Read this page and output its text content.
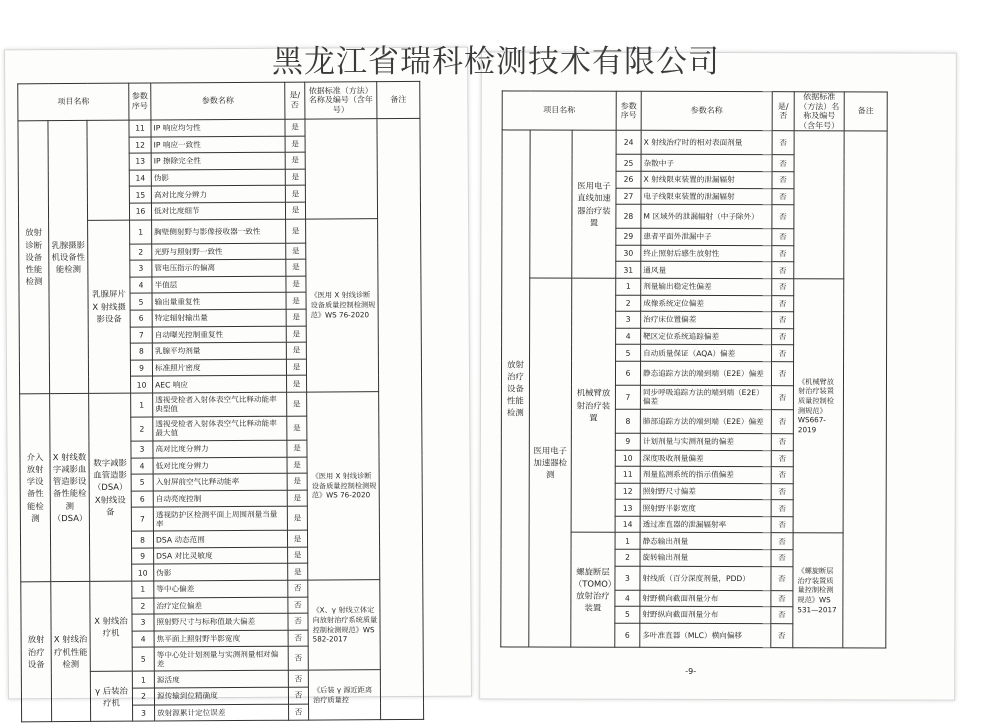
黑龙江省瑞科检测技术有限公司
项目名称			参数序号	参数名称	是/否	依据标准（方法）名称及编号（含年号）	备注
放射诊断设备性能检测	乳腺摄影机设备性能检测		11	IP 响应均匀性	是		
			12	IP 响应一致性	是		
			13	IP 擦除完全性	是		
			14	伪影	是		
			15	高对比度分辨力	是		
			16	低对比度细节	是		
		乳腺屏片 X 射线摄影设备	1	胸壁侧射野与影像接收器一致性	是	《医用 X 射线诊断设备质量控制检测规范》WS 76-2020	
			2	光野与照射野一致性	是		
			3	管电压指示的偏离	是		
			4	半值层	是		
			5	输出量重复性	是		
			6	特定辐射输出量	是		
			7	自动曝光控制重复性	是		
			8	乳腺平均剂量	是		
			9	标准照片密度	是		
			10	AEC 响应	是		
介入放射学设备性能检测	X 射线数字减影血管造影设备性能检测（DSA）	数字减影血管造影（DSA）X射线设备	1	透视受检者入射体表空气比释动能率典型值	是	《医用 X 射线诊断设备质量控制检测规范》WS 76-2020	
			2	透视受检者入射体表空气比释动能率最大值	是		
			3	高对比度分辨力	是		
			4	低对比度分辨力	是		
			5	入射屏前空气比释动能率	是		
			6	自动亮度控制	是		
			7	透视防护区检测平面上周围剂量当量率	是		
			8	DSA 动态范围	是		
			9	DSA 对比灵敏度	是		
			10	伪影	是		
放射治疗设备	X 射线治疗机性能检测	X 射线治疗机	1	等中心偏差	否	《X、γ 射线立体定向放射治疗系统质量控制检测规范》WS 582-2017	
			2	治疗定位偏差	否		
			3	照射野尺寸与标称值最大偏差	否		
			4	焦平面上照射野半影宽度	否		
			5	等中心处计划剂量与实测剂量相对偏差	否		
		γ 后装治疗机	1	源活度	否	《后装 γ 源近距离治疗质量控	
			2	源传输到位精确度	否		
			3	放射源累计定位误差	否		
项目名称			参数序号	参数名称	是/否	依据标准（方法）名称及编号（含年号）	备注
放射治疗设备性能检测		医用电子直线加速器治疗装置	24	X 射线治疗时的相对表面剂量	否		
			25	杂散中子	否		
			26	X 射线限束装置的泄漏辐射	否		
			27	电子线限束装置的泄漏辐射	否		
			28	M 区域外的泄漏辐射（中子除外）	否		
			29	患者平面外泄漏中子	否		
			30	终止照射后感生放射性	否		
			31	通风量	否		
	医用电子加速器检测	机械臂放射治疗装置	1	剂量输出稳定性偏差	否	《机械臂放射治疗装置质量控制检测规范》WS667-2019	
			2	成像系统定位偏差	否		
			3	治疗床位置偏差	否		
			4	靶区定位系统追踪偏差	否		
			5	自动质量保证（AQA）偏差	否		
			6	静态追踪方法的端到端（E2E）偏差	否		
			7	同步呼吸追踪方法的端到端（E2E）偏差	否		
			8	肺部追踪方法的端到端（E2E）偏差	否		
			9	计划剂量与实测剂量的偏差	否		
			10	深度吸收剂量偏差	否		
			11	剂量监测系统的指示值偏差	否		
			12	照射野尺寸偏差	否		
			13	照射野半影宽度	否		
			14	透过准直器的泄漏辐射率	否		
		螺旋断层（TOMO）放射治疗装置	1	静态输出剂量	否	《螺旋断层治疗装置质量控制检测规范》WS 531—2017	
			2	旋转输出剂量	否		
			3	射线质（百分深度剂量，PDD）	否		
			4	射野横向截面剂量分布	否		
			5	射野纵向截面剂量分布	否		
			6	多叶准直器（MLC）横向偏移	否		
-9-
